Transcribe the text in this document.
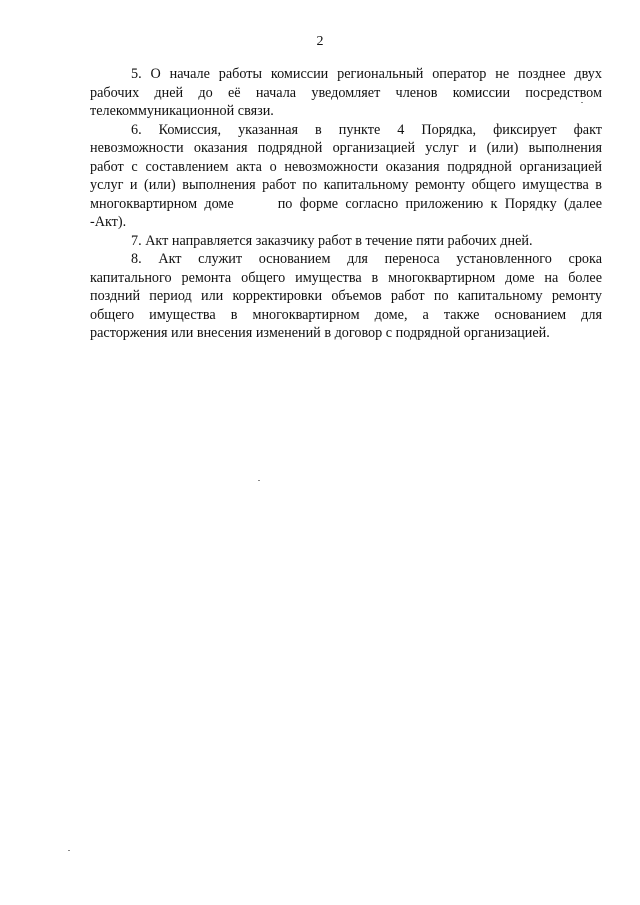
2

5. О начале работы комиссии региональный оператор не позднее двух
рабочих дней до её начала уведомляет членов комиссии посредством
телекоммуникационной связи.

6. Комиссия, указанная в пункте 4 Порядка, фиксирует факт
невозможности оказания подрядной организацией услуг и (или) выполнения
работ с составлением акта о невозможности оказания подрядной организацией
услуг и (или) выполнения работ по капитальному ремонту общего имущества в
многоквартирном доме	по форме согласно приложению к Порядку (далее
-Акт).

7. Акт направляется заказчику работ в течение пяти рабочих дней.

8. Акт служит основанием для переноса установленного срока
капитального ремонта общего имущества в многоквартирном доме на более
поздний период или корректировки объемов работ по капитальному ремонту
общего имущества в многоквартирном доме, а также основанием для
расторжения или внесения изменений в договор с подрядной организацией.
